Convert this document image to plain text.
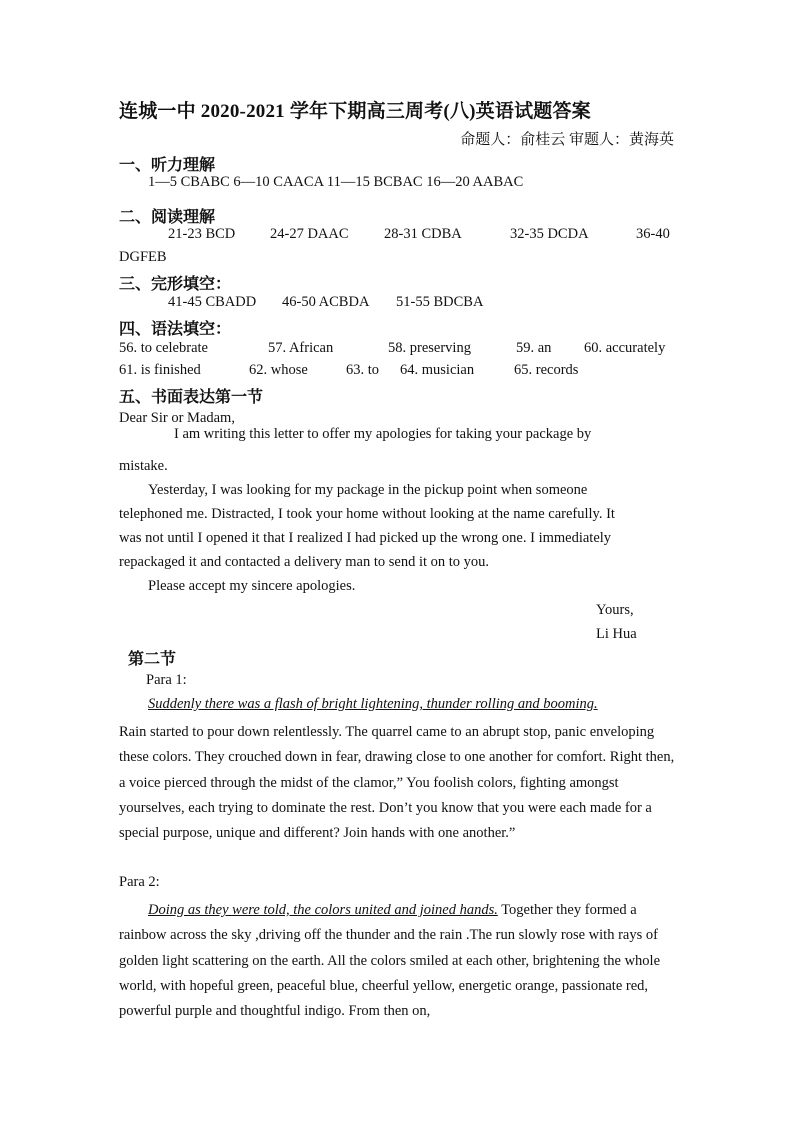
连城一中 2020-2021 学年下期高三周考(八)英语试题答案
命题人：俞桂云 审题人：黄海英
一、听力理解
1—5 CBABC 6—10 CAACA 11—15 BCBAC 16—20 AABAC
二、阅读理解
21-23 BCD 24-27 DAAC 28-31 CDBA	32-35 DCDA	36-40
DGFEB
三、完形填空：
41-45 CBADD 46-50 ACBDA 51-55 BDCBA
四、语法填空：
56. to celebrate	57. African	58. preserving	59. an 60. accurately
61. is finished	62. whose	63. to 64. musician	65. records
五、书面表达第一节
Dear Sir or Madam,
I am writing this letter to offer my apologies for taking your package by
mistake.
Yesterday, I was looking for my package in the pickup point when someone
telephoned me. Distracted, I took your home without looking at the name carefully. It
was not until I opened it that I realized I had picked up the wrong one. I immediately
repackaged it and contacted a delivery man to send it on to you.
Please accept my sincere apologies.
Yours,
Li Hua
第二节
Para 1:
Suddenly there was a flash of bright lightening, thunder rolling and booming.
Rain started to pour down relentlessly. The quarrel came to an abrupt stop, panic enveloping these colors. They crouched down in fear, drawing close to one another for comfort. Right then, a voice pierced through the midst of the clamor,” You foolish colors, fighting amongst yourselves, each trying to dominate the rest. Don’t you know that you were each made for a special purpose, unique and different? Join hands with one another.”
Para 2:
Doing as they were told, the colors united and joined hands. Together they formed a rainbow across the sky ,driving off the thunder and the rain .The run slowly rose with rays of golden light scattering on the earth. All the colors smiled at each other, brightening the whole world, with hopeful green, peaceful blue, cheerful yellow, energetic orange, passionate red, powerful purple and thoughtful indigo. From then on,
